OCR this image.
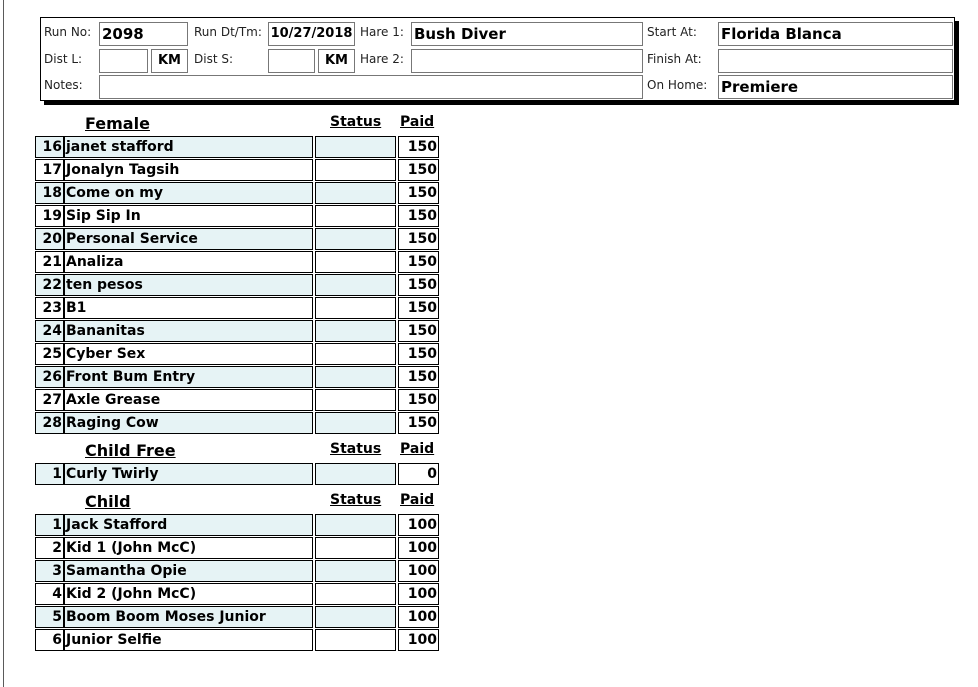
Run No: 2098	Run Dt/Tm: 10/27/2018 Hare 1: Bush Diver	Start At: Florida Blanca
Dist L:	KM	Dist S:	KM	Hare 2:	Finish At:
Notes:	On Home: Premiere
Female	Status Paid
16 janet stafford	150
17 Jonalyn Tagsih	150
18 Come on my	150
19 Sip Sip In	150
20 Personal Service	150
21 Analiza	150
22 ten pesos	150
23 B1	150
24 Bananitas	150
25 Cyber Sex	150
26 Front Bum Entry	150
27 Axle Grease	150
28 Raging Cow	150
Child Free	Status Paid
1 Curly Twirly	0
Child	Status Paid
1 Jack Stafford	100
2 Kid 1 (John McC)	100
3 Samantha Opie	100
4 Kid 2 (John McC)	100
5 Boom Boom Moses Junior	100
6 Junior Selfie	100
